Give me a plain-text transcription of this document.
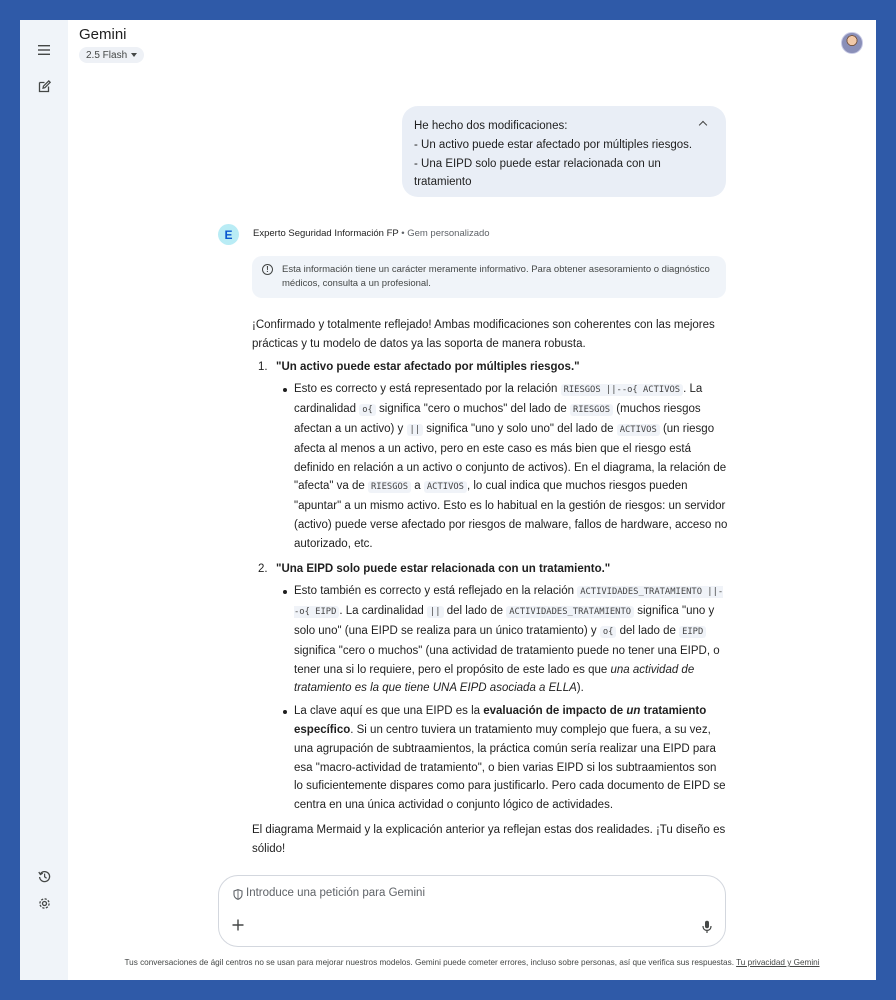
Gemini
2.5 Flash
He hecho dos modificaciones:
- Un activo puede estar afectado por múltiples riesgos.
- Una EIPD solo puede estar relacionada con un
tratamiento
E	Experto Seguridad Información FP • Gem personalizado
!	Esta información tiene un carácter meramente informativo. Para obtener asesoramiento o diagnóstico médicos, consulta a un profesional.

¡Confirmado y totalmente reflejado! Ambas modificaciones son coherentes con las mejores prácticas y tu modelo de datos ya las soporta de manera robusta.

1. "Un activo puede estar afectado por múltiples riesgos."
Esto es correcto y está representado por la relación RIESGOS ||--o{ ACTIVOS . La cardinalidad o{ significa "cero o muchos" del lado de RIESGOS (muchos riesgos afectan a un activo) y || significa "uno y solo uno" del lado de ACTIVOS (un riesgo afecta al menos a un activo, pero en este caso es más bien que el riesgo está definido en relación a un activo o conjunto de activos). En el diagrama, la relación de "afecta" va de RIESGOS a ACTIVOS , lo cual indica que muchos riesgos pueden "apuntar" a un mismo activo. Esto es lo habitual en la gestión de riesgos: un servidor (activo) puede verse afectado por riesgos de malware, fallos de hardware, acceso no autorizado, etc.
2. "Una EIPD solo puede estar relacionada con un tratamiento."
Esto también es correcto y está reflejado en la relación ACTIVIDADES_TRATAMIENTO ||--o{ EIPD . La cardinalidad || del lado de ACTIVIDADES_TRATAMIENTO significa "uno y solo uno" (una EIPD se realiza para un único tratamiento) y o{ del lado de EIPD significa "cero o muchos" (una actividad de tratamiento puede no tener una EIPD, o tener una si lo requiere, pero el propósito de este lado es que una actividad de tratamiento es la que tiene UNA EIPD asociada a ELLA).
La clave aquí es que una EIPD es la evaluación de impacto de un tratamiento específico. Si un centro tuviera un tratamiento muy complejo que fuera, a su vez, una agrupación de subtraamientos, la práctica común sería realizar una EIPD para esa "macro-actividad de tratamiento", o bien varias EIPD si los subtraamientos son lo suficientemente dispares como para justificarlo. Pero cada documento de EIPD se centra en una única actividad o conjunto lógico de actividades.

El diagrama Mermaid y la explicación anterior ya reflejan estas dos realidades. ¡Tu diseño es sólido!

Introduce una petición para Gemini
Tus conversaciones de ágil centros no se usan para mejorar nuestros modelos. Gemini puede cometer errores, incluso sobre personas, así que verifica sus respuestas. Tu privacidad y Gemini
